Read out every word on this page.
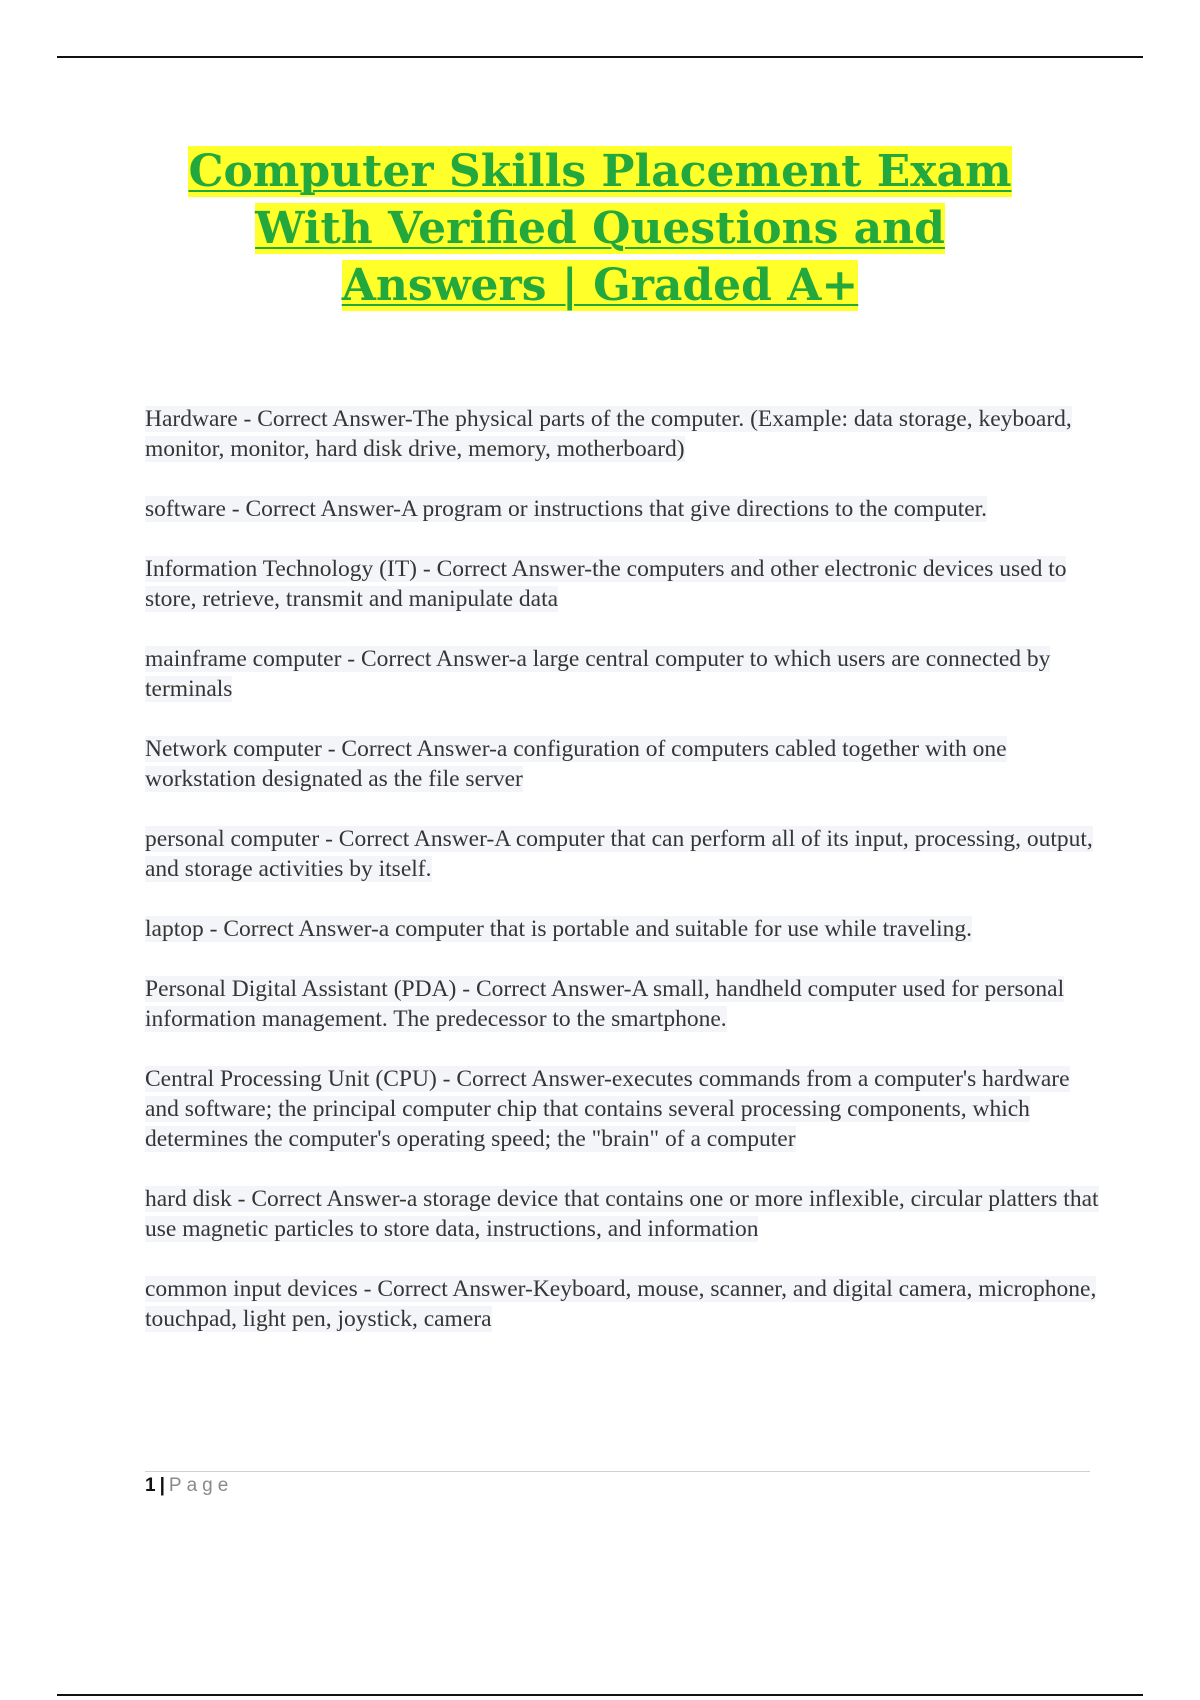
Computer Skills Placement Exam
With Verified Questions and
Answers | Graded A+

Hardware - Correct Answer-The physical parts of the computer. (Example: data storage, keyboard, monitor, monitor, hard disk drive, memory, motherboard)

software - Correct Answer-A program or instructions that give directions to the computer.

Information Technology (IT) - Correct Answer-the computers and other electronic devices used to store, retrieve, transmit and manipulate data

mainframe computer - Correct Answer-a large central computer to which users are connected by terminals

Network computer - Correct Answer-a configuration of computers cabled together with one workstation designated as the file server

personal computer - Correct Answer-A computer that can perform all of its input, processing, output, and storage activities by itself.

laptop - Correct Answer-a computer that is portable and suitable for use while traveling.

Personal Digital Assistant (PDA) - Correct Answer-A small, handheld computer used for personal information management. The predecessor to the smartphone.

Central Processing Unit (CPU) - Correct Answer-executes commands from a computer's hardware and software; the principal computer chip that contains several processing components, which determines the computer's operating speed; the "brain" of a computer

hard disk - Correct Answer-a storage device that contains one or more inflexible, circular platters that use magnetic particles to store data, instructions, and information

common input devices - Correct Answer-Keyboard, mouse, scanner, and digital camera, microphone, touchpad, light pen, joystick, camera

1 | Page
